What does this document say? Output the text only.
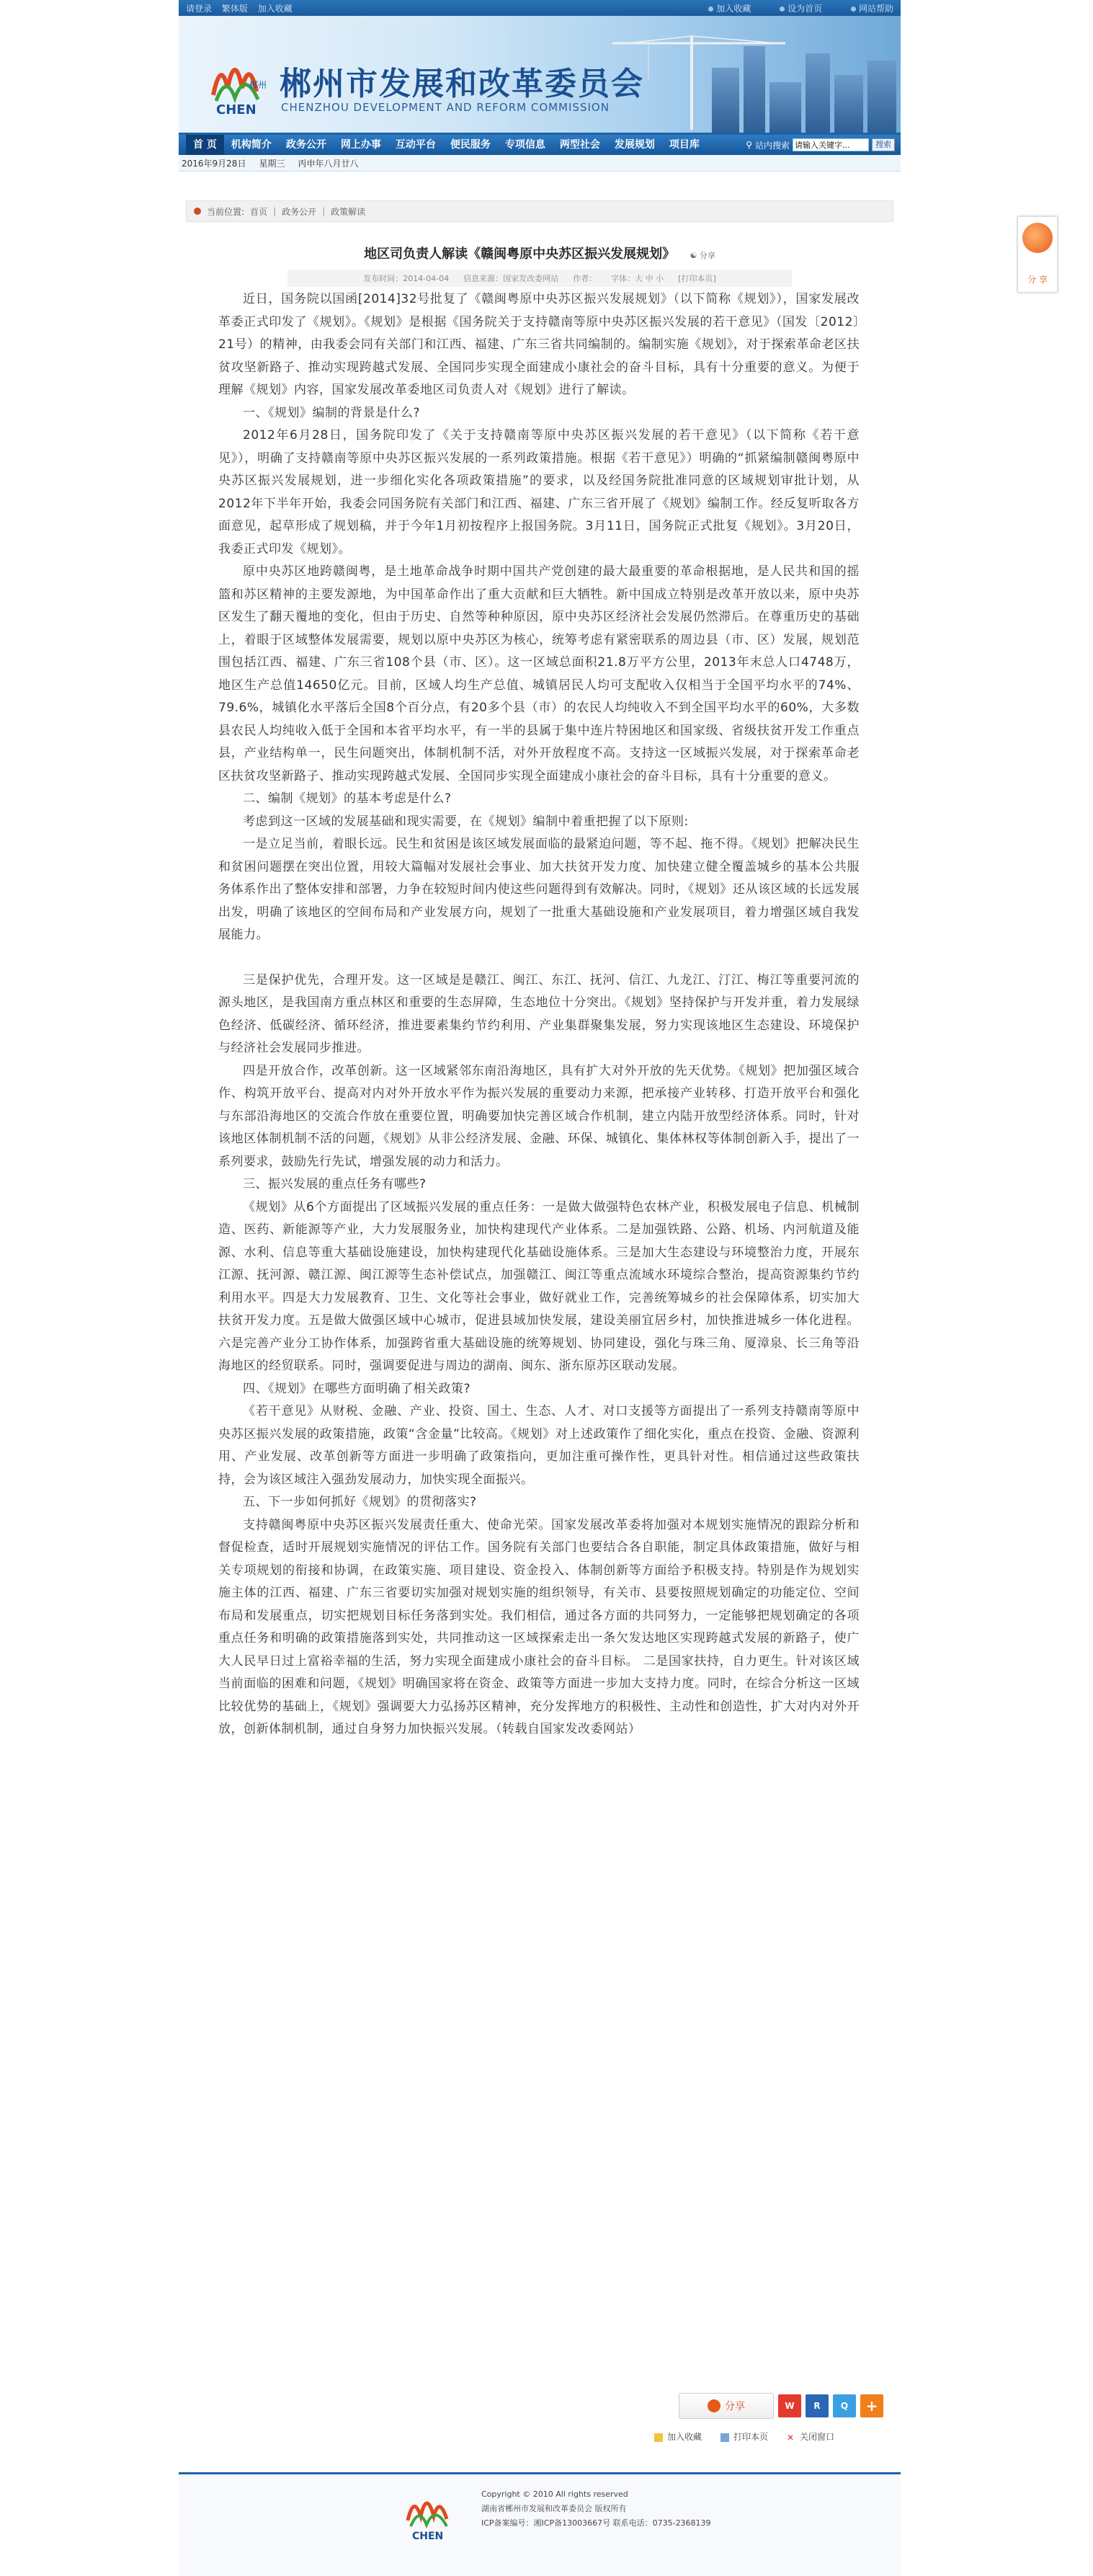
请登录 繁体版 加入收藏	加入收藏	设为首页	网站帮助
郴州
CHEN
郴州市发展和改革委员会
CHENZHOU DEVELOPMENT AND REFORM COMMISSION
首 页	机构简介	政务公开	网上办事	互动平台	便民服务	专项信息	两型社会	发展规划	项目库	⚲ 站内搜索
请输入关键字...	搜索
2016年9月28日 星期三 丙申年八月廿八
当前位置: 首页 | 政务公开 | 政策解读
地区司负责人解读《赣闽粤原中央苏区振兴发展规划》 ☯ 分享
发布时间：2014-04-04 信息来源：国家发改委网站 作者： 字体：大 中 小 [打印本页]

近日，国务院以国函[2014]32号批复了《赣闽粤原中央苏区振兴发展规划》（以下简称《规划》），国家发展改革委正式印发了《规划》。《规划》是根据《国务院关于支持赣南等原中央苏区振兴发展的若干意见》（国发〔2012〕21号）的精神，由我委会同有关部门和江西、福建、广东三省共同编制的。编制实施《规划》，对于探索革命老区扶贫攻坚新路子、推动实现跨越式发展、全国同步实现全面建成小康社会的奋斗目标，具有十分重要的意义。为便于理解《规划》内容，国家发展改革委地区司负责人对《规划》进行了解读。

一、《规划》编制的背景是什么?

2012年6月28日，国务院印发了《关于支持赣南等原中央苏区振兴发展的若干意见》（以下简称《若干意见》），明确了支持赣南等原中央苏区振兴发展的一系列政策措施。根据《若干意见》）明确的“抓紧编制赣闽粤原中央苏区振兴发展规划，进一步细化实化各项政策措施”的要求，以及经国务院批准同意的区域规划审批计划，从2012年下半年开始，我委会同国务院有关部门和江西、福建、广东三省开展了《规划》编制工作。经反复听取各方面意见，起草形成了规划稿，并于今年1月初按程序上报国务院。3月11日，国务院正式批复《规划》。3月20日，我委正式印发《规划》。

原中央苏区地跨赣闽粤，是土地革命战争时期中国共产党创建的最大最重要的革命根据地，是人民共和国的摇篮和苏区精神的主要发源地，为中国革命作出了重大贡献和巨大牺牲。新中国成立特别是改革开放以来，原中央苏区发生了翻天覆地的变化，但由于历史、自然等种种原因，原中央苏区经济社会发展仍然滞后。在尊重历史的基础上，着眼于区域整体发展需要，规划以原中央苏区为核心，统筹考虑有紧密联系的周边县（市、区）发展，规划范围包括江西、福建、广东三省108个县（市、区）。这一区域总面积21.8万平方公里，2013年末总人口4748万，地区生产总值14650亿元。目前，区域人均生产总值、城镇居民人均可支配收入仅相当于全国平均水平的74%、79.6%，城镇化水平落后全国8个百分点，有20多个县（市）的农民人均纯收入不到全国平均水平的60%，大多数县农民人均纯收入低于全国和本省平均水平，有一半的县属于集中连片特困地区和国家级、省级扶贫开发工作重点县，产业结构单一，民生问题突出，体制机制不活，对外开放程度不高。支持这一区域振兴发展，对于探索革命老区扶贫攻坚新路子、推动实现跨越式发展、全国同步实现全面建成小康社会的奋斗目标，具有十分重要的意义。

二、编制《规划》的基本考虑是什么?

考虑到这一区域的发展基础和现实需要，在《规划》编制中着重把握了以下原则:

一是立足当前，着眼长远。民生和贫困是该区域发展面临的最紧迫问题，等不起、拖不得。《规划》把解决民生和贫困问题摆在突出位置，用较大篇幅对发展社会事业、加大扶贫开发力度、加快建立健全覆盖城乡的基本公共服务体系作出了整体安排和部署，力争在较短时间内使这些问题得到有效解决。同时，《规划》还从该区域的长远发展出发，明确了该地区的空间布局和产业发展方向，规划了一批重大基础设施和产业发展项目，着力增强区域自我发展能力。

三是保护优先，合理开发。这一区域是是赣江、闽江、东江、抚河、信江、九龙江、汀江、梅江等重要河流的源头地区，是我国南方重点林区和重要的生态屏障，生态地位十分突出。《规划》坚持保护与开发并重，着力发展绿色经济、低碳经济、循环经济，推进要素集约节约利用、产业集群聚集发展，努力实现该地区生态建设、环境保护与经济社会发展同步推进。

四是开放合作，改革创新。这一区域紧邻东南沿海地区，具有扩大对外开放的先天优势。《规划》把加强区域合作、构筑开放平台、提高对内对外开放水平作为振兴发展的重要动力来源，把承接产业转移、打造开放平台和强化与东部沿海地区的交流合作放在重要位置，明确要加快完善区域合作机制，建立内陆开放型经济体系。同时，针对该地区体制机制不活的问题，《规划》从非公经济发展、金融、环保、城镇化、集体林权等体制创新入手，提出了一系列要求，鼓励先行先试，增强发展的动力和活力。

三、振兴发展的重点任务有哪些?

《规划》从6个方面提出了区域振兴发展的重点任务：一是做大做强特色农林产业，积极发展电子信息、机械制造、医药、新能源等产业，大力发展服务业，加快构建现代产业体系。二是加强铁路、公路、机场、内河航道及能源、水利、信息等重大基础设施建设，加快构建现代化基础设施体系。三是加大生态建设与环境整治力度，开展东江源、抚河源、赣江源、闽江源等生态补偿试点，加强赣江、闽江等重点流域水环境综合整治，提高资源集约节约利用水平。四是大力发展教育、卫生、文化等社会事业，做好就业工作，完善统筹城乡的社会保障体系，切实加大扶贫开发力度。五是做大做强区域中心城市，促进县域加快发展，建设美丽宜居乡村，加快推进城乡一体化进程。六是完善产业分工协作体系，加强跨省重大基础设施的统筹规划、协同建设，强化与珠三角、厦漳泉、长三角等沿海地区的经贸联系。同时，强调要促进与周边的湖南、闽东、浙东原苏区联动发展。

四、《规划》在哪些方面明确了相关政策?

《若干意见》从财税、金融、产业、投资、国土、生态、人才、对口支援等方面提出了一系列支持赣南等原中央苏区振兴发展的政策措施，政策“含金量”比较高。《规划》对上述政策作了细化实化，重点在投资、金融、资源利用、产业发展、改革创新等方面进一步明确了政策指向，更加注重可操作性，更具针对性。相信通过这些政策扶持，会为该区域注入强劲发展动力，加快实现全面振兴。

五、下一步如何抓好《规划》的贯彻落实?

支持赣闽粤原中央苏区振兴发展责任重大、使命光荣。国家发展改革委将加强对本规划实施情况的跟踪分析和督促检查，适时开展规划实施情况的评估工作。国务院有关部门也要结合各自职能，制定具体政策措施，做好与相关专项规划的衔接和协调，在政策实施、项目建设、资金投入、体制创新等方面给予积极支持。特别是作为规划实施主体的江西、福建、广东三省要切实加强对规划实施的组织领导，有关市、县要按照规划确定的功能定位、空间布局和发展重点，切实把规划目标任务落到实处。我们相信，通过各方面的共同努力，一定能够把规划确定的各项重点任务和明确的政策措施落到实处，共同推动这一区域探索走出一条欠发达地区实现跨越式发展的新路子，使广大人民早日过上富裕幸福的生活，努力实现全面建成小康社会的奋斗目标。 二是国家扶持，自力更生。针对该区域当前面临的困难和问题，《规划》明确国家将在资金、政策等方面进一步加大支持力度。同时，在综合分析这一区域比较优势的基础上，《规划》强调要大力弘扬苏区精神，充分发挥地方的积极性、主动性和创造性，扩大对内对外开放，创新体制机制，通过自身努力加快振兴发展。（转载自国家发改委网站）

分享	W	R	Q	+
加入收藏	打印本页 ✕ 关闭窗口
CHEN
Copyright © 2010 All rights reserved
湖南省郴州市发展和改革委员会 版权所有
ICP备案编号：湘ICP备13003667号 联系电话：0735-2368139
分 享
